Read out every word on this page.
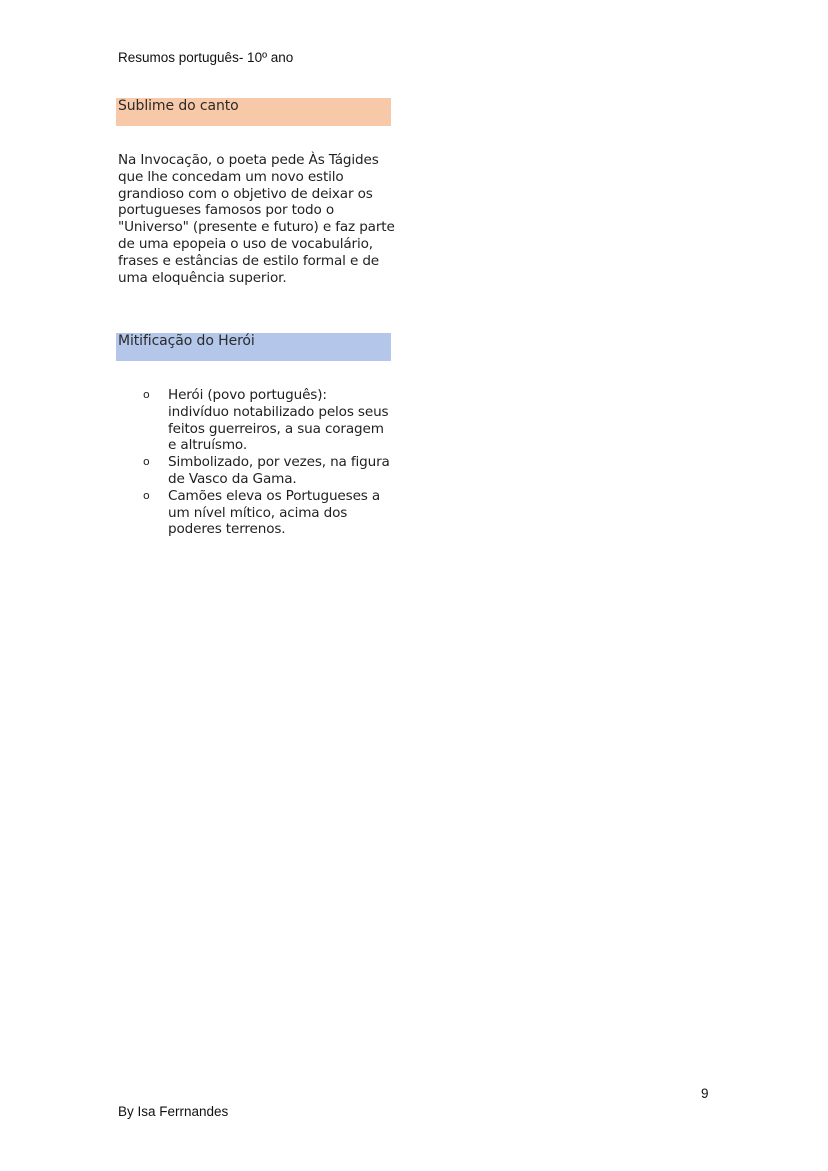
Resumos português- 10º ano
Sublime do canto

Na Invocação, o poeta pede Às Tágides que lhe concedam um novo estilo grandioso com o objetivo de deixar os portugueses famosos por todo o "Universo" (presente e futuro) e faz parte de uma epopeia o uso de vocabulário, frases e estâncias de estilo formal e de uma eloquência superior.

Mitificação do Herói
o Herói (povo português): indivíduo notabilizado pelos seus feitos guerreiros, a sua coragem e altruísmo.
o Simbolizado, por vezes, na figura de Vasco da Gama.
o Camões eleva os Portugueses a um nível mítico, acima dos poderes terrenos.
9
By Isa Ferrnandes
